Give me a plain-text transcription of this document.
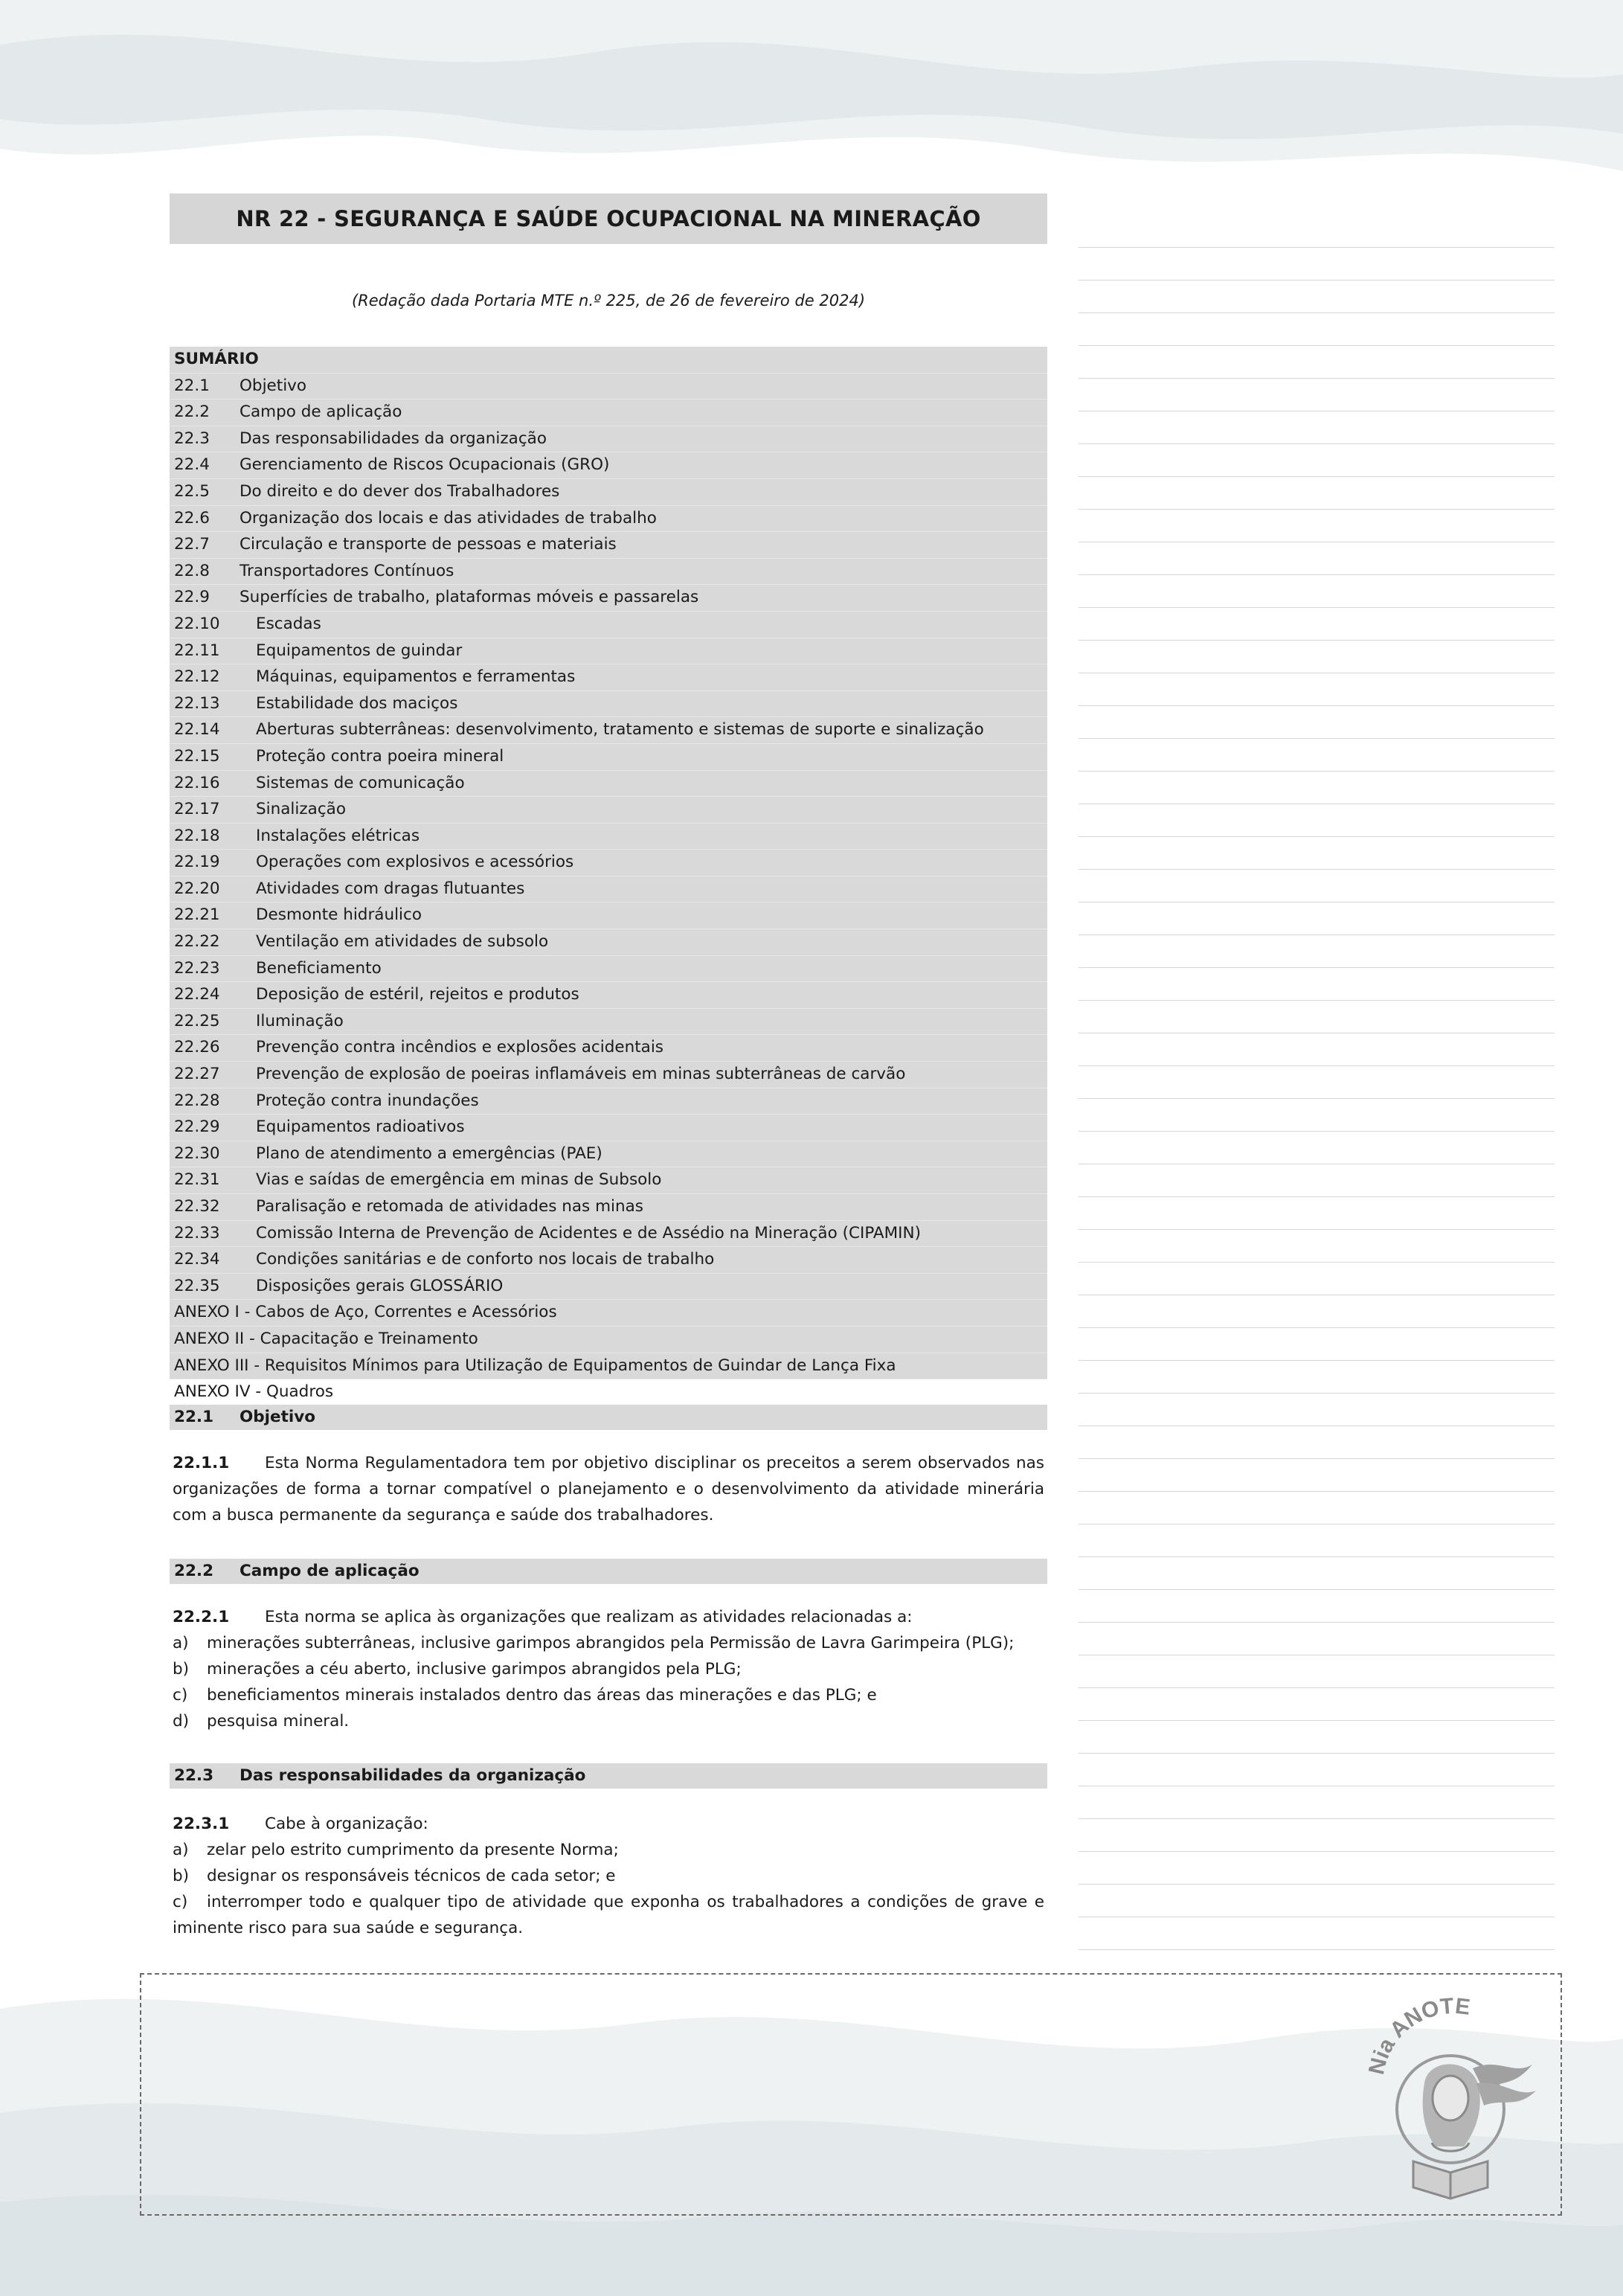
NR 22 - SEGURANÇA E SAÚDE OCUPACIONAL NA MINERAÇÃO
(Redação dada Portaria MTE n.º 225, de 26 de fevereiro de 2024)
SUMÁRIO
22.1 Objetivo
22.2 Campo de aplicação
22.3 Das responsabilidades da organização
22.4 Gerenciamento de Riscos Ocupacionais (GRO)
22.5 Do direito e do dever dos Trabalhadores
22.6 Organização dos locais e das atividades de trabalho
22.7 Circulação e transporte de pessoas e materiais
22.8 Transportadores Contínuos
22.9 Superfícies de trabalho, plataformas móveis e passarelas
22.10 Escadas
22.11 Equipamentos de guindar
22.12 Máquinas, equipamentos e ferramentas
22.13 Estabilidade dos maciços
22.14 Aberturas subterrâneas: desenvolvimento, tratamento e sistemas de suporte e sinalização
22.15 Proteção contra poeira mineral
22.16 Sistemas de comunicação
22.17 Sinalização
22.18 Instalações elétricas
22.19 Operações com explosivos e acessórios
22.20 Atividades com dragas flutuantes
22.21 Desmonte hidráulico
22.22 Ventilação em atividades de subsolo
22.23 Beneficiamento
22.24 Deposição de estéril, rejeitos e produtos
22.25 Iluminação
22.26 Prevenção contra incêndios e explosões acidentais
22.27 Prevenção de explosão de poeiras inflamáveis em minas subterrâneas de carvão
22.28 Proteção contra inundações
22.29 Equipamentos radioativos
22.30 Plano de atendimento a emergências (PAE)
22.31 Vias e saídas de emergência em minas de Subsolo
22.32 Paralisação e retomada de atividades nas minas
22.33 Comissão Interna de Prevenção de Acidentes e de Assédio na Mineração (CIPAMIN)
22.34 Condições sanitárias e de conforto nos locais de trabalho
22.35 Disposições gerais GLOSSÁRIO
ANEXO I - Cabos de Aço, Correntes e Acessórios
ANEXO II - Capacitação e Treinamento
ANEXO III - Requisitos Mínimos para Utilização de Equipamentos de Guindar de Lança Fixa
ANEXO IV - Quadros
22.1 Objetivo
22.1.1 Esta Norma Regulamentadora tem por objetivo disciplinar os preceitos a serem observados nas
organizações de forma a tornar compatível o planejamento e o desenvolvimento da atividade minerária
com a busca permanente da segurança e saúde dos trabalhadores.
22.2 Campo de aplicação
22.2.1 Esta norma se aplica às organizações que realizam as atividades relacionadas a:
a) minerações subterrâneas, inclusive garimpos abrangidos pela Permissão de Lavra Garimpeira (PLG);
b) minerações a céu aberto, inclusive garimpos abrangidos pela PLG;
c) beneficiamentos minerais instalados dentro das áreas das minerações e das PLG; e
d) pesquisa mineral.
22.3 Das responsabilidades da organização
22.3.1 Cabe à organização:
a) zelar pelo estrito cumprimento da presente Norma;
b) designar os responsáveis técnicos de cada setor; e
c) interromper todo e qualquer tipo de atividade que exponha os trabalhadores a condições de grave e
iminente risco para sua saúde e segurança.
Nia ANOTE
